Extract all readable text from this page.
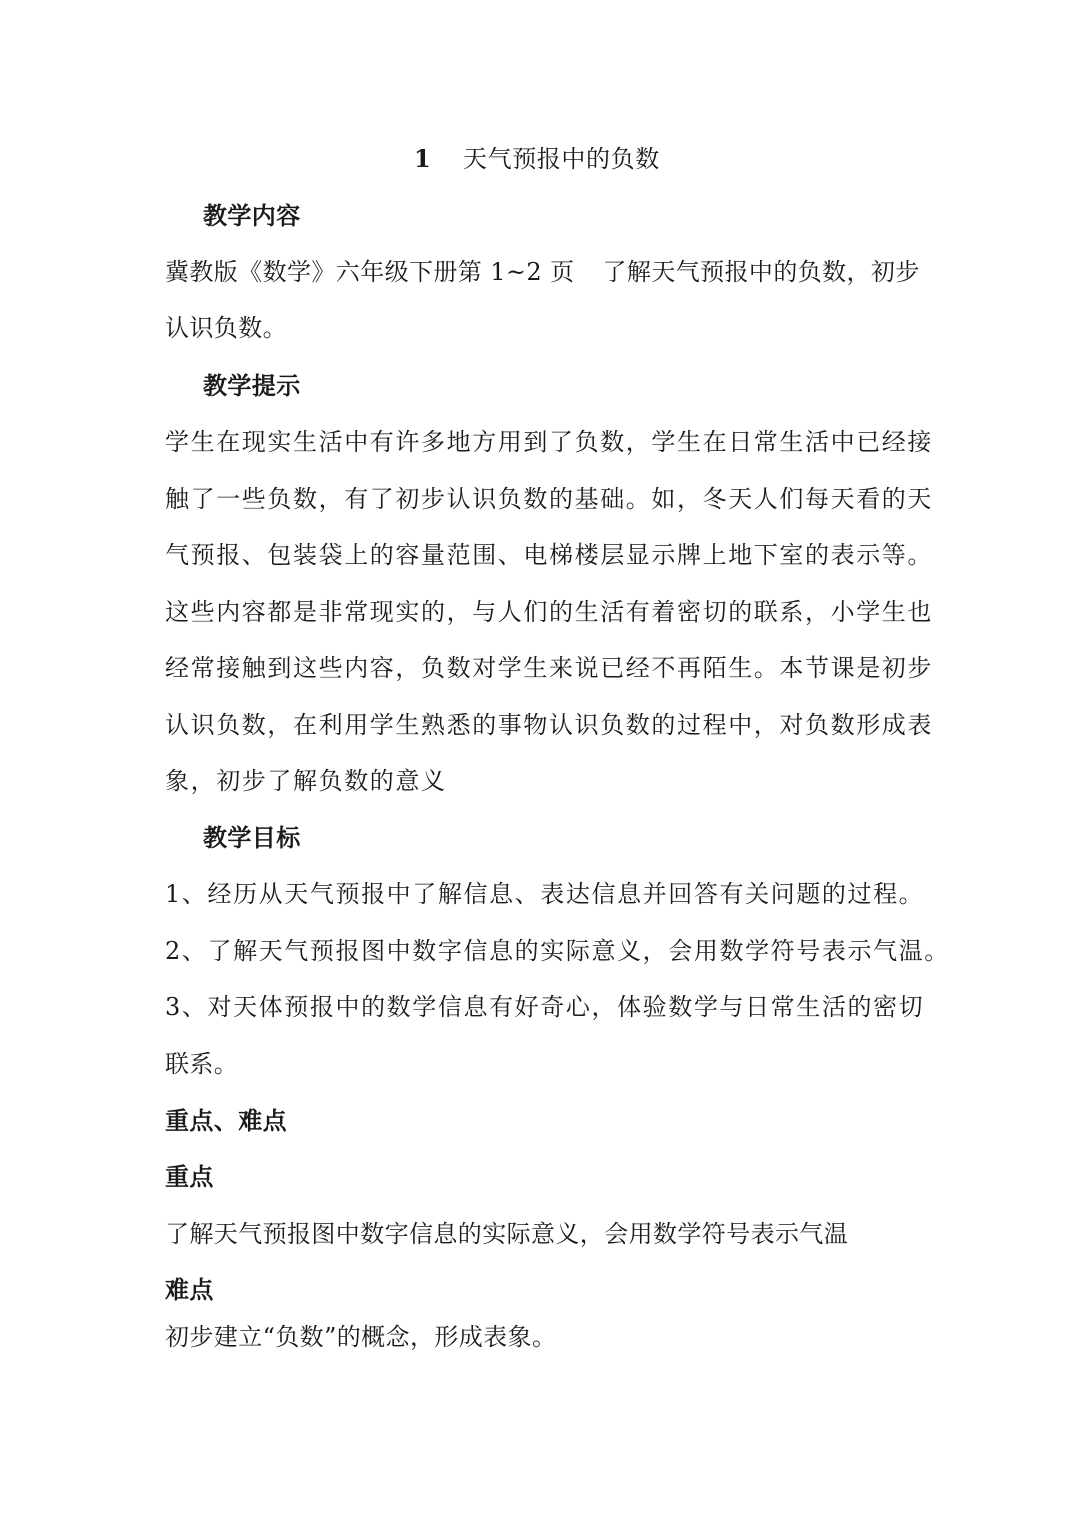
1 天气预报中的负数
教学内容
冀教版《数学》六年级下册第 1~2 页 了解天气预报中的负数，初步
认识负数。
教学提示
学生在现实生活中有许多地方用到了负数，学生在日常生活中已经接
触了一些负数，有了初步认识负数的基础。如，冬天人们每天看的天
气预报、包装袋上的容量范围、电梯楼层显示牌上地下室的表示等。
这些内容都是非常现实的，与人们的生活有着密切的联系，小学生也
经常接触到这些内容，负数对学生来说已经不再陌生。本节课是初步
认识负数，在利用学生熟悉的事物认识负数的过程中，对负数形成表
象，初步了解负数的意义
教学目标
1、经历从天气预报中了解信息、表达信息并回答有关问题的过程。
2、了解天气预报图中数字信息的实际意义，会用数学符号表示气温。
3、对天体预报中的数学信息有好奇心，体验数学与日常生活的密切
联系。
重点、难点
重点
了解天气预报图中数字信息的实际意义，会用数学符号表示气温
难点
初步建立“负数”的概念，形成表象。
